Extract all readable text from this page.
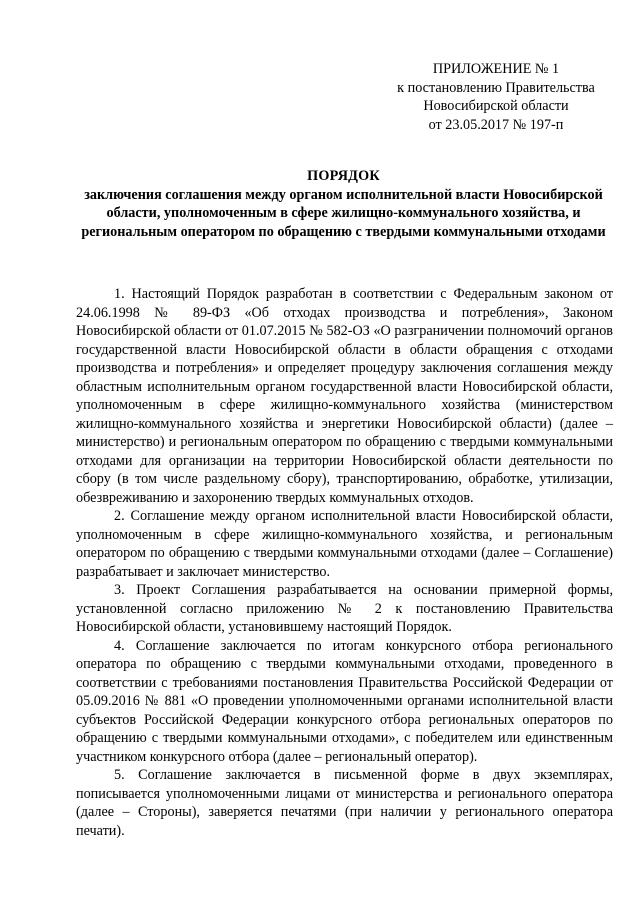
ПРИЛОЖЕНИЕ № 1
к постановлению Правительства
Новосибирской области
от 23.05.2017 № 197-п
ПОРЯДОК
заключения соглашения между органом исполнительной власти Новосибирской области, уполномоченным в сфере жилищно-коммунального хозяйства, и региональным оператором по обращению с твердыми коммунальными отходами

1. Настоящий Порядок разработан в соответствии с Федеральным законом от 24.06.1998 № 89-ФЗ «Об отходах производства и потребления», Законом Новосибирской области от 01.07.2015 № 582-ОЗ «О разграничении полномочий органов государственной власти Новосибирской области в области обращения с отходами производства и потребления» и определяет процедуру заключения соглашения между областным исполнительным органом государственной власти Новосибирской области, уполномоченным в сфере жилищно-коммунального хозяйства (министерством жилищно-коммунального хозяйства и энергетики Новосибирской области) (далее – министерство) и региональным оператором по обращению с твердыми коммунальными отходами для организации на территории Новосибирской области деятельности по сбору (в том числе раздельному сбору), транспортированию, обработке, утилизации, обезвреживанию и захоронению твердых коммунальных отходов.

2. Соглашение между органом исполнительной власти Новосибирской области, уполномоченным в сфере жилищно-коммунального хозяйства, и региональным оператором по обращению с твердыми коммунальными отходами (далее – Соглашение) разрабатывает и заключает министерство.

3. Проект Соглашения разрабатывается на основании примерной формы, установленной согласно приложению № 2 к постановлению Правительства Новосибирской области, установившему настоящий Порядок.

4. Соглашение заключается по итогам конкурсного отбора регионального оператора по обращению с твердыми коммунальными отходами, проведенного в соответствии с требованиями постановления Правительства Российской Федерации от 05.09.2016 № 881 «О проведении уполномоченными органами исполнительной власти субъектов Российской Федерации конкурсного отбора региональных операторов по обращению с твердыми коммунальными отходами», с победителем или единственным участником конкурсного отбора (далее – региональный оператор).

5. Соглашение заключается в письменной форме в двух экземплярах, пописывается уполномоченными лицами от министерства и регионального оператора (далее – Стороны), заверяется печатями (при наличии у регионального оператора печати).
